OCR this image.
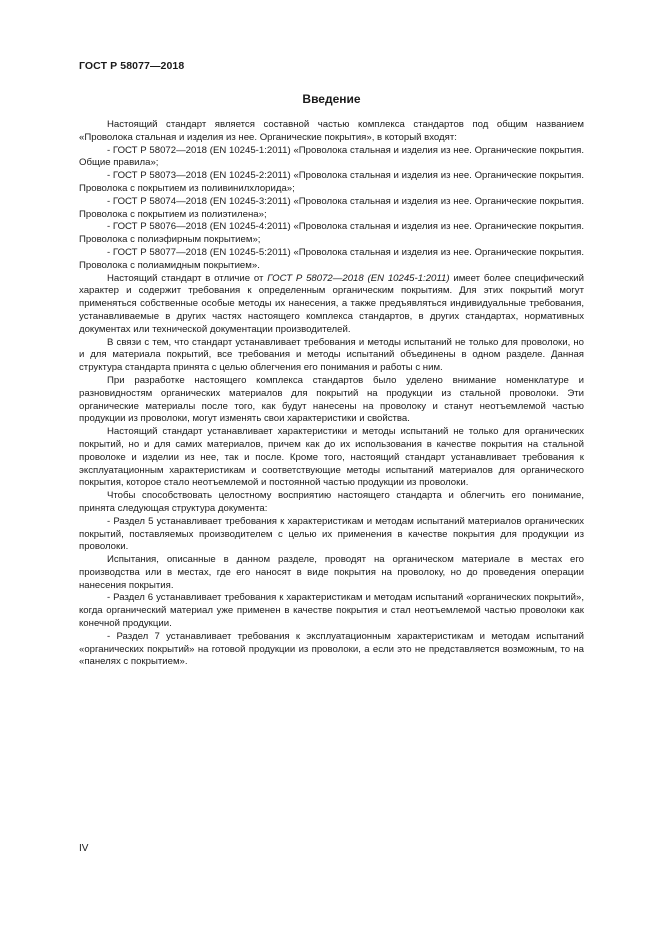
ГОСТ Р 58077—2018
Введение

Настоящий стандарт является составной частью комплекса стандартов под общим названием «Проволока стальная и изделия из нее. Органические покрытия», в который входят:

- ГОСТ Р 58072—2018 (EN 10245-1:2011) «Проволока стальная и изделия из нее. Органические покрытия. Общие правила»;

- ГОСТ Р 58073—2018 (EN 10245-2:2011) «Проволока стальная и изделия из нее. Органические покрытия. Проволока с покрытием из поливинилхлорида»;

- ГОСТ Р 58074—2018 (EN 10245-3:2011) «Проволока стальная и изделия из нее. Органические покрытия. Проволока с покрытием из полиэтилена»;

- ГОСТ Р 58076—2018 (EN 10245-4:2011) «Проволока стальная и изделия из нее. Органические покрытия. Проволока с полиэфирным покрытием»;

- ГОСТ Р 58077—2018 (EN 10245-5:2011) «Проволока стальная и изделия из нее. Органические покрытия. Проволока с полиамидным покрытием».

Настоящий стандарт в отличие от ГОСТ Р 58072—2018 (EN 10245-1:2011) имеет более специфический характер и содержит требования к определенным органическим покрытиям. Для этих покрытий могут применяться собственные особые методы их нанесения, а также предъявляться индивидуальные требования, устанавливаемые в других частях настоящего комплекса стандартов, в других стандартах, нормативных документах или технической документации производителей.

В связи с тем, что стандарт устанавливает требования и методы испытаний не только для проволоки, но и для материала покрытий, все требования и методы испытаний объединены в одном разделе. Данная структура стандарта принята с целью облегчения его понимания и работы с ним.

При разработке настоящего комплекса стандартов было уделено внимание номенклатуре и разновидностям органических материалов для покрытий на продукции из стальной проволоки. Эти органические материалы после того, как будут нанесены на проволоку и станут неотъемлемой частью продукции из проволоки, могут изменять свои характеристики и свойства.

Настоящий стандарт устанавливает характеристики и методы испытаний не только для органических покрытий, но и для самих материалов, причем как до их использования в качестве покрытия на стальной проволоке и изделии из нее, так и после. Кроме того, настоящий стандарт устанавливает требования к эксплуатационным характеристикам и соответствующие методы испытаний материалов для органического покрытия, которое стало неотъемлемой и постоянной частью продукции из проволоки.

Чтобы способствовать целостному восприятию настоящего стандарта и облегчить его понимание, принята следующая структура документа:

- Раздел 5 устанавливает требования к характеристикам и методам испытаний материалов органических покрытий, поставляемых производителем с целью их применения в качестве покрытия для продукции из проволоки.

Испытания, описанные в данном разделе, проводят на органическом материале в местах его производства или в местах, где его наносят в виде покрытия на проволоку, но до проведения операции нанесения покрытия.

- Раздел 6 устанавливает требования к характеристикам и методам испытаний «органических покрытий», когда органический материал уже применен в качестве покрытия и стал неотъемлемой частью проволоки как конечной продукции.

- Раздел 7 устанавливает требования к эксплуатационным характеристикам и методам испытаний «органических покрытий» на готовой продукции из проволоки, а если это не представляется возможным, то на «панелях с покрытием».

IV
